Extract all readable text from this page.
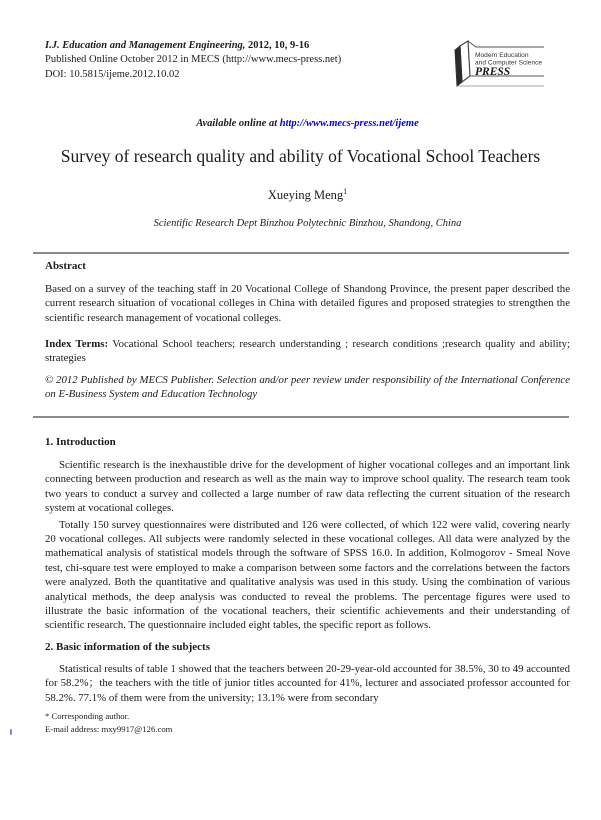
I.J. Education and Management Engineering, 2012, 10, 9-16
Published Online October 2012 in MECS (http://www.mecs-press.net)
DOI: 10.5815/ijeme.2012.10.02
Modern Education
and Computer Science
PRESS
Available online at http://www.mecs-press.net/ijeme
Survey of research quality and ability of Vocational School Teachers
Xueying Meng$^1$
Scientific Research Dept Binzhou Polytechnic Binzhou, Shandong, China
Abstract
Based on a survey of the teaching staff in 20 Vocational College of Shandong Province, the present paper described the current research situation of vocational colleges in China with detailed figures and proposed strategies to strengthen the scientific research management of vocational colleges.
Index Terms: Vocational School teachers; research understanding ; research conditions ;research quality and ability; strategies
© 2012 Published by MECS Publisher. Selection and/or peer review under responsibility of the International Conference on E-Business System and Education Technology
1. Introduction

Scientific research is the inexhaustible drive for the development of higher vocational colleges and an important link connecting between production and research as well as the main way to improve school quality. The research team took two years to conduct a survey and collected a large number of raw data reflecting the current situation of the research system at vocational colleges.

Totally 150 survey questionnaires were distributed and 126 were collected, of which 122 were valid, covering nearly 20 vocational colleges. All subjects were randomly selected in these vocational colleges. All data were analyzed by the mathematical analysis of statistical models through the software of SPSS 16.0. In addition, Kolmogorov - Smeal Nove test, chi-square test were employed to make a comparison between some factors and the correlations between the factors were analyzed. Both the quantitative and qualitative analysis was used in this study. Using the combination of various analytical methods, the deep analysis was conducted to reveal the problems. The percentage figures were used to illustrate the basic information of the vocational teachers, their scientific achievements and their understanding of scientific research. The questionnaire included eight tables, the specific report as follows.

2. Basic information of the subjects

Statistical results of table 1 showed that the teachers between 20-29-year-old accounted for 38.5%, 30 to 49 accounted for 58.2%；the teachers with the title of junior titles accounted for 41%, lecturer and associated professor accounted for 58.2%. 77.1% of them were from the university; 13.1% were from secondary

* Corresponding author.
E-mail address: mxy9917@126.com
